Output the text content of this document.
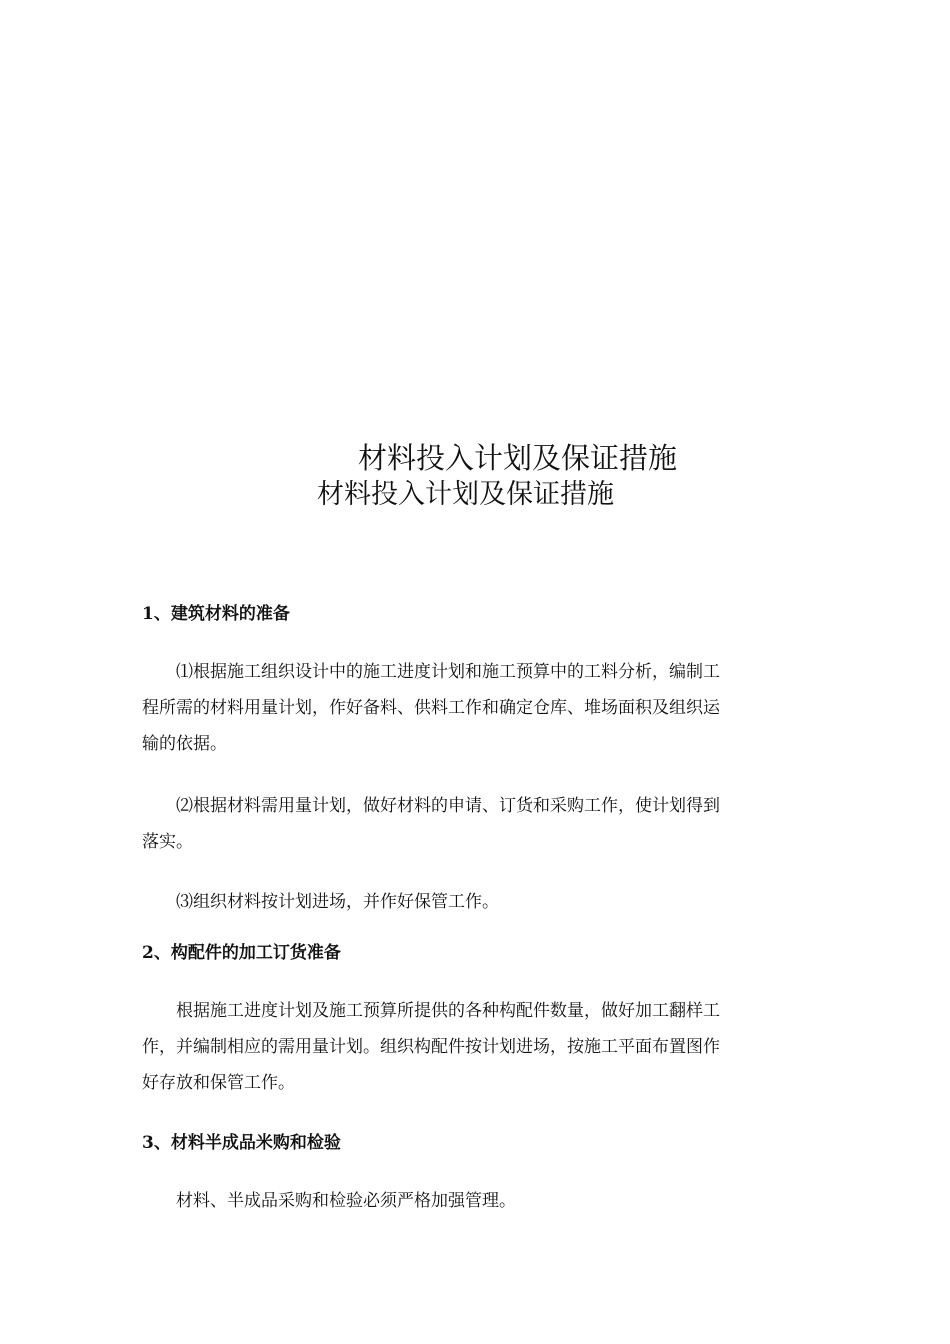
材料投入计划及保证措施
材料投入计划及保证措施
1、建筑材料的准备
⑴根据施工组织设计中的施工进度计划和施工预算中的工料分析，编制工
程所需的材料用量计划，作好备料、供料工作和确定仓库、堆场面积及组织运
输的依据。
⑵根据材料需用量计划，做好材料的申请、订货和采购工作，使计划得到
落实。
⑶组织材料按计划进场，并作好保管工作。
2、构配件的加工订货准备
根据施工进度计划及施工预算所提供的各种构配件数量，做好加工翻样工
作，并编制相应的需用量计划。组织构配件按计划进场，按施工平面布置图作
好存放和保管工作。
3、材料半成品米购和检验
材料、半成品采购和检验必须严格加强管理。
